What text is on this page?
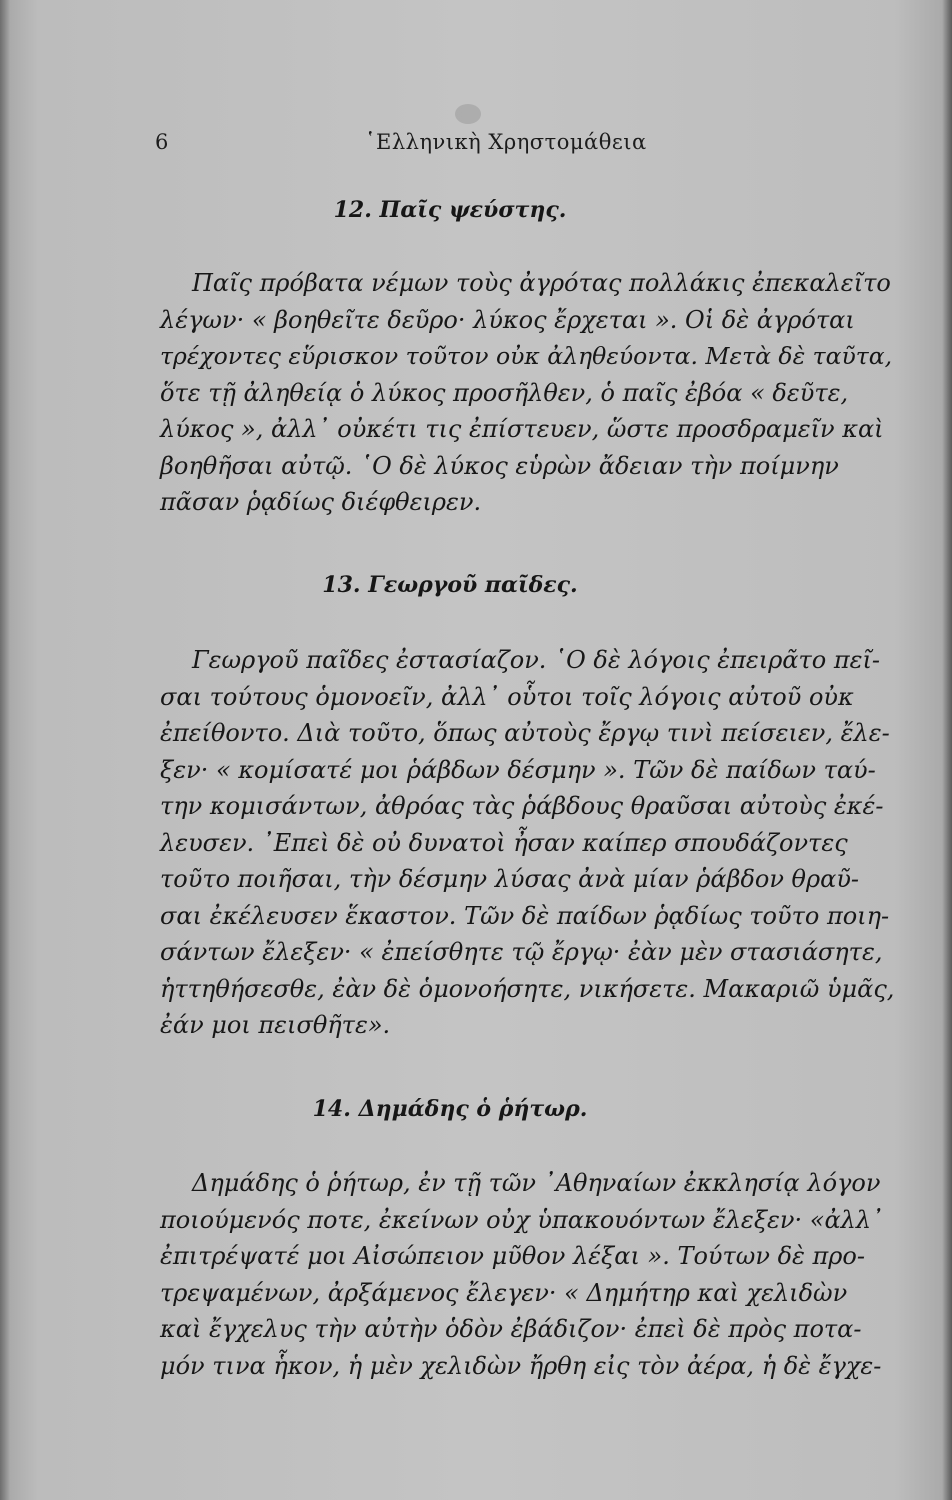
6	῾Ελληνικὴ Χρηστομάθεια
12. Παῖς ψεύστης.

Παῖς πρόβατα νέμων τοὺς ἀγρότας πολλάκις ἐπεκαλεῖτο
λέγων· « βοηθεῖτε δεῦρο· λύκος ἔρχεται ». Οἱ δὲ ἀγρόται
τρέχοντες εὕρισκον τοῦτον οὐκ ἀληθεύοντα. Μετὰ δὲ ταῦτα,
ὅτε τῇ ἀληθείᾳ ὁ λύκος προσῆλθεν, ὁ παῖς ἐβόα « δεῦτε,
λύκος », ἀλλ᾽ οὐκέτι τις ἐπίστευεν, ὥστε προσδραμεῖν καὶ
βοηθῆσαι αὐτῷ. ῾Ο δὲ λύκος εὑρὼν ἄδειαν τὴν ποίμνην
πᾶσαν ῥᾳδίως διέφθειρεν.

13. Γεωργοῦ παῖδες.

Γεωργοῦ παῖδες ἐστασίαζον. ῾Ο δὲ λόγοις ἐπειρᾶτο πεῖ-
σαι τούτους ὁμονοεῖν, ἀλλ᾽ οὗτοι τοῖς λόγοις αὐτοῦ οὐκ
ἐπείθοντο. Διὰ τοῦτο, ὅπως αὐτοὺς ἔργῳ τινὶ πείσειεν, ἔλε-
ξεν· « κομίσατέ μοι ῥάβδων δέσμην ». Τῶν δὲ παίδων ταύ-
την κομισάντων, ἀθρόας τὰς ῥάβδους θραῦσαι αὐτοὺς ἐκέ-
λευσεν. ᾿Επεὶ δὲ οὐ δυνατοὶ ἦσαν καίπερ σπουδάζοντες
τοῦτο ποιῆσαι, τὴν δέσμην λύσας ἀνὰ μίαν ῥάβδον θραῦ-
σαι ἐκέλευσεν ἕκαστον. Τῶν δὲ παίδων ῥᾳδίως τοῦτο ποιη-
σάντων ἔλεξεν· « ἐπείσθητε τῷ ἔργῳ· ἐὰν μὲν στασιάσητε,
ἡττηθήσεσθε, ἐὰν δὲ ὁμονοήσητε, νικήσετε. Μακαριῶ ὑμᾶς,
ἐάν μοι πεισθῆτε».

14. Δημάδης ὁ ῥήτωρ.

Δημάδης ὁ ῥήτωρ, ἐν τῇ τῶν ᾿Αθηναίων ἐκκλησίᾳ λόγον
ποιούμενός ποτε, ἐκείνων οὐχ ὑπακουόντων ἔλεξεν· «ἀλλ᾽
ἐπιτρέψατέ μοι Αἰσώπειον μῦθον λέξαι ». Τούτων δὲ προ-
τρεψαμένων, ἀρξάμενος ἔλεγεν· « Δημήτηρ καὶ χελιδὼν
καὶ ἔγχελυς τὴν αὐτὴν ὁδὸν ἐβάδιζον· ἐπεὶ δὲ πρὸς ποτα-
μόν τινα ἧκον, ἡ μὲν χελιδὼν ἤρθη εἰς τὸν ἀέρα, ἡ δὲ ἔγχε-
